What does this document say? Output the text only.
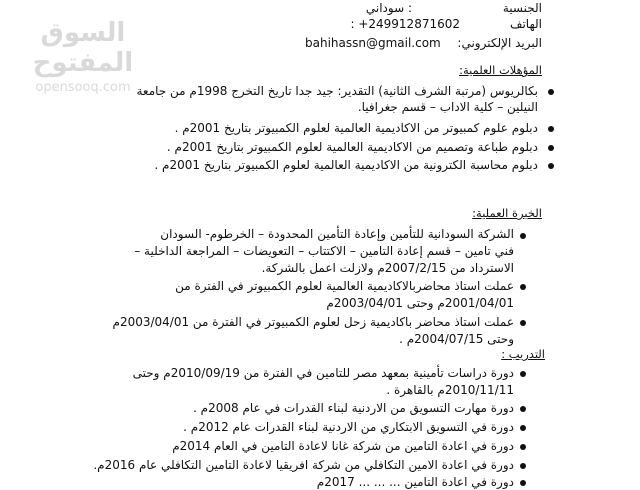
السوق المفتوح
opensooq.com
الجنسية
: سوداني
الهاتف
: +249912871602
البريد الإلكتروني:
bahihassn@gmail.com
المؤهلات العلمية:
بكالريوس (مرتبة الشرف الثانية) التقدير: جيد جدا تاريخ التخرج 1998م من جامعة
النيلين – كلية الاداب – قسم جغرافيا.
دبلوم علوم كمبيوتر من الاكاديمية العالمية لعلوم الكمبيوتر بتاريخ 2001م .
دبلوم طباعة وتصميم من الاكاديمية العالمية لعلوم الكمبيوتر بتاريخ 2001م .
دبلوم محاسبة الكترونية من الاكاديمية العالمية لعلوم الكمبيوتر بتاريخ 2001م .
الخبرة العملية:
الشركة السودانية للتأمين وإعادة التأمين المحدودة – الخرطوم- السودان
فني تامين – قسم إعادة التامين – الاكتتاب – التعويضات – المراجعة الداخلية –
الاسترداد من 2007/2/15م ولازلت اعمل بالشركة.
عملت استاذ محاضربالاكاديمية العالمية لعلوم الكمبيوتر في الفترة من
2001/04/01م وحتى 2003/04/01م
عملت استاذ محاضر باكاديمية زحل لعلوم الكمبيوتر في الفترة من 2003/04/01م
وحتى 2004/07/15م .
التدريب :
دورة دراسات تأمينية بمعهد مصر للتامين في الفترة من 2010/09/19م وحتى
2010/11/11م بالقاهرة .
دورة مهارت التسويق من الاردنية لبناء القدرات في عام 2008م .
دورة في التسويق الابتكاري من الاردنية لبناء القدرات عام 2012م .
دورة في اعادة التامين من شركة غانا لاعادة التامين في العام 2014م
دورة في اعادة الامين التكافلي من شركة افريقيا لاعادة التامين التكافلي عام 2016م.
دورة في اعادة التامين ... ... ... 2017م
